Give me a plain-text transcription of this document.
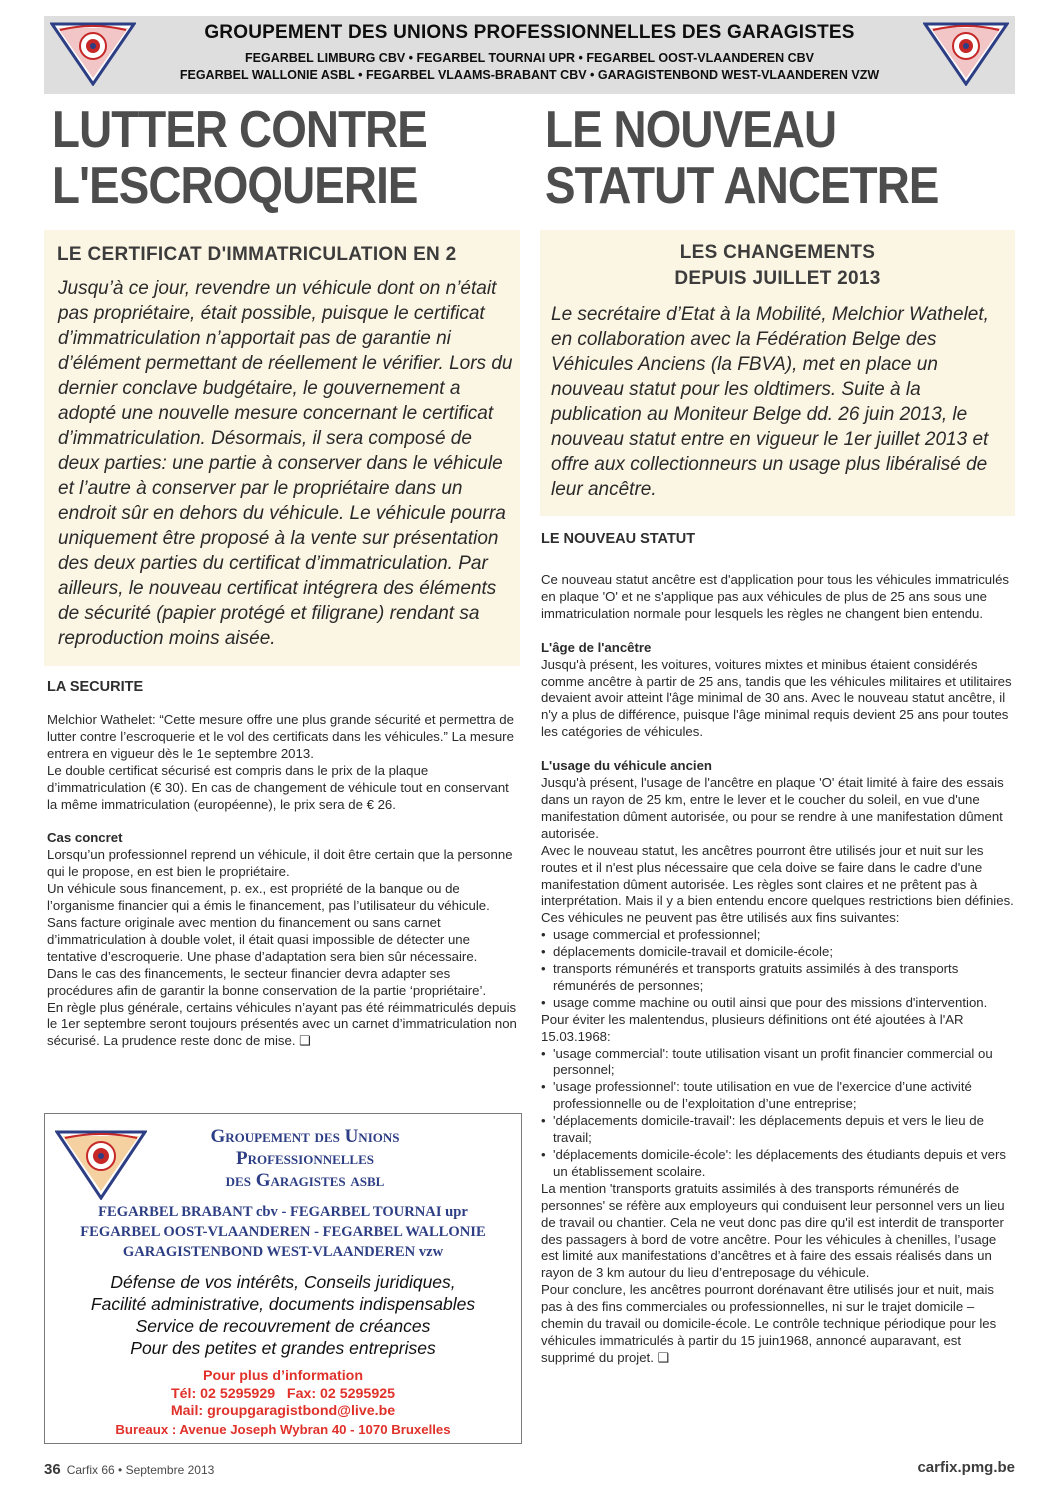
GROUPEMENT DES UNIONS PROFESSIONNELLES DES GARAGISTES
FEGARBEL LIMBURG CBV • FEGARBEL TOURNAI UPR • FEGARBEL OOST-VLAANDEREN CBV
FEGARBEL WALLONIE ASBL • FEGARBEL VLAAMS-BRABANT CBV • GARAGISTENBOND WEST-VLAANDEREN VZW
LUTTER CONTRE
L'ESCROQUERIE
LE NOUVEAU
STATUT ANCETRE
LE CERTIFICAT D'IMMATRICULATION EN 2
Jusqu’à ce jour, revendre un véhicule dont on n’était pas propriétaire, était possible, puisque le certificat d’immatriculation n’apportait pas de garantie ni d’élément permettant de réellement le vérifier. Lors du dernier conclave budgétaire, le gouvernement a adopté une nouvelle mesure concernant le certificat d’immatriculation. Désormais, il sera composé de deux parties: une partie à conserver dans le véhicule et l’autre à conserver par le propriétaire dans un endroit sûr en dehors du véhicule. Le véhicule pourra uniquement être proposé à la vente sur présentation des deux parties du certificat d’immatriculation. Par ailleurs, le nouveau certificat intégrera des éléments de sécurité (papier protégé et filigrane) rendant sa reproduction moins aisée.
LES CHANGEMENTS
DEPUIS JUILLET 2013
Le secrétaire d’Etat à la Mobilité, Melchior Wathelet, en collaboration avec la Fédération Belge des Véhicules Anciens (la FBVA), met en place un nouveau statut pour les oldtimers. Suite à la publication au Moniteur Belge dd. 26 juin 2013, le nouveau statut entre en vigueur le 1er juillet 2013 et offre aux collectionneurs un usage plus libéralisé de leur ancêtre.
LA SECURITE

Melchior Wathelet: “Cette mesure offre une plus grande sécurité et permettra de lutter contre l’escroquerie et le vol des certificats dans les véhicules.” La mesure entrera en vigueur dès le 1e septembre 2013.

Le double certificat sécurisé est compris dans le prix de la plaque d’immatriculation (€ 30). En cas de changement de véhicule tout en conservant la même immatriculation (européenne), le prix sera de € 26.

Cas concret

Lorsqu’un professionnel reprend un véhicule, il doit être certain que la personne qui le propose, en est bien le propriétaire.

Un véhicule sous financement, p. ex., est propriété de la banque ou de l’organisme financier qui a émis le financement, pas l’utilisateur du véhicule. Sans facture originale avec mention du financement ou sans carnet d’immatriculation à double volet, il était quasi impossible de détecter une tentative d’escroquerie. Une phase d’adaptation sera bien sûr nécessaire.

Dans le cas des financements, le secteur financier devra adapter ses procédures afin de garantir la bonne conservation de la partie ‘propriétaire’.

En règle plus générale, certains véhicules n’ayant pas été réimmatriculés depuis le 1er septembre seront toujours présentés avec un carnet d’immatriculation non sécurisé. La prudence reste donc de mise. ❑

LE NOUVEAU STATUT

Ce nouveau statut ancêtre est d'application pour tous les véhicules immatriculés en plaque 'O' et ne s'applique pas aux véhicules de plus de 25 ans sous une immatriculation normale pour lesquels les règles ne changent bien entendu.

L'âge de l'ancêtre

Jusqu'à présent, les voitures, voitures mixtes et minibus étaient considérés comme ancêtre à partir de 25 ans, tandis que les véhicules militaires et utilitaires devaient avoir atteint l'âge minimal de 30 ans. Avec le nouveau statut ancêtre, il n'y a plus de différence, puisque l'âge minimal requis devient 25 ans pour toutes les catégories de véhicules.

L'usage du véhicule ancien

Jusqu'à présent, l'usage de l'ancêtre en plaque 'O' était limité à faire des essais dans un rayon de 25 km, entre le lever et le coucher du soleil, en vue d'une manifestation dûment autorisée, ou pour se rendre à une manifestation dûment autorisée.

Avec le nouveau statut, les ancêtres pourront être utilisés jour et nuit sur les routes et il n'est plus nécessaire que cela doive se faire dans le cadre d'une manifestation dûment autorisée. Les règles sont claires et ne prêtent pas à interprétation. Mais il y a bien entendu encore quelques restrictions bien définies. Ces véhicules ne peuvent pas être utilisés aux fins suivantes:

• usage commercial et professionnel;
• déplacements domicile-travail et domicile-école;
• transports rémunérés et transports gratuits assimilés à des transports rémunérés de personnes;
• usage comme machine ou outil ainsi que pour des missions d'intervention.

Pour éviter les malentendus, plusieurs définitions ont été ajoutées à l'AR 15.03.1968:

• 'usage commercial': toute utilisation visant un profit financier commercial ou personnel;
• 'usage professionnel': toute utilisation en vue de l'exercice d’une activité professionnelle ou de l’exploitation d’une entreprise;
• 'déplacements domicile-travail': les déplacements depuis et vers le lieu de travail;
• 'déplacements domicile-école': les déplacements des étudiants depuis et vers un établissement scolaire.

La mention 'transports gratuits assimilés à des transports rémunérés de personnes' se réfère aux employeurs qui conduisent leur personnel vers un lieu de travail ou chantier. Cela ne veut donc pas dire qu'il est interdit de transporter des passagers à bord de votre ancêtre. Pour les véhicules à chenilles, l’usage est limité aux manifestations d’ancêtres et à faire des essais réalisés dans un rayon de 3 km autour du lieu d’entreposage du véhicule.

Pour conclure, les ancêtres pourront dorénavant être utilisés jour et nuit, mais pas à des fins commerciales ou professionnelles, ni sur le trajet domicile – chemin du travail ou domicile-école. Le contrôle technique périodique pour les véhicules immatriculés à partir du 15 juin1968, annoncé auparavant, est supprimé du projet. ❑

Groupement des Unions
Professionnelles
des Garagistes asbl
FEGARBEL BRABANT cbv - FEGARBEL TOURNAI upr
FEGARBEL OOST-VLAANDEREN - FEGARBEL WALLONIE
GARAGISTENBOND WEST-VLAANDEREN vzw
Défense de vos intérêts, Conseils juridiques,
Facilité administrative, documents indispensables
Service de recouvrement de créances
Pour des petites et grandes entreprises
Pour plus d’information
Tél: 02 5295929   Fax: 02 5295925
Mail: groupgaragistbond@live.be
Bureaux : Avenue Joseph Wybran 40 - 1070 Bruxelles
36 Carfix 66 • Septembre 2013	carfix.pmg.be
